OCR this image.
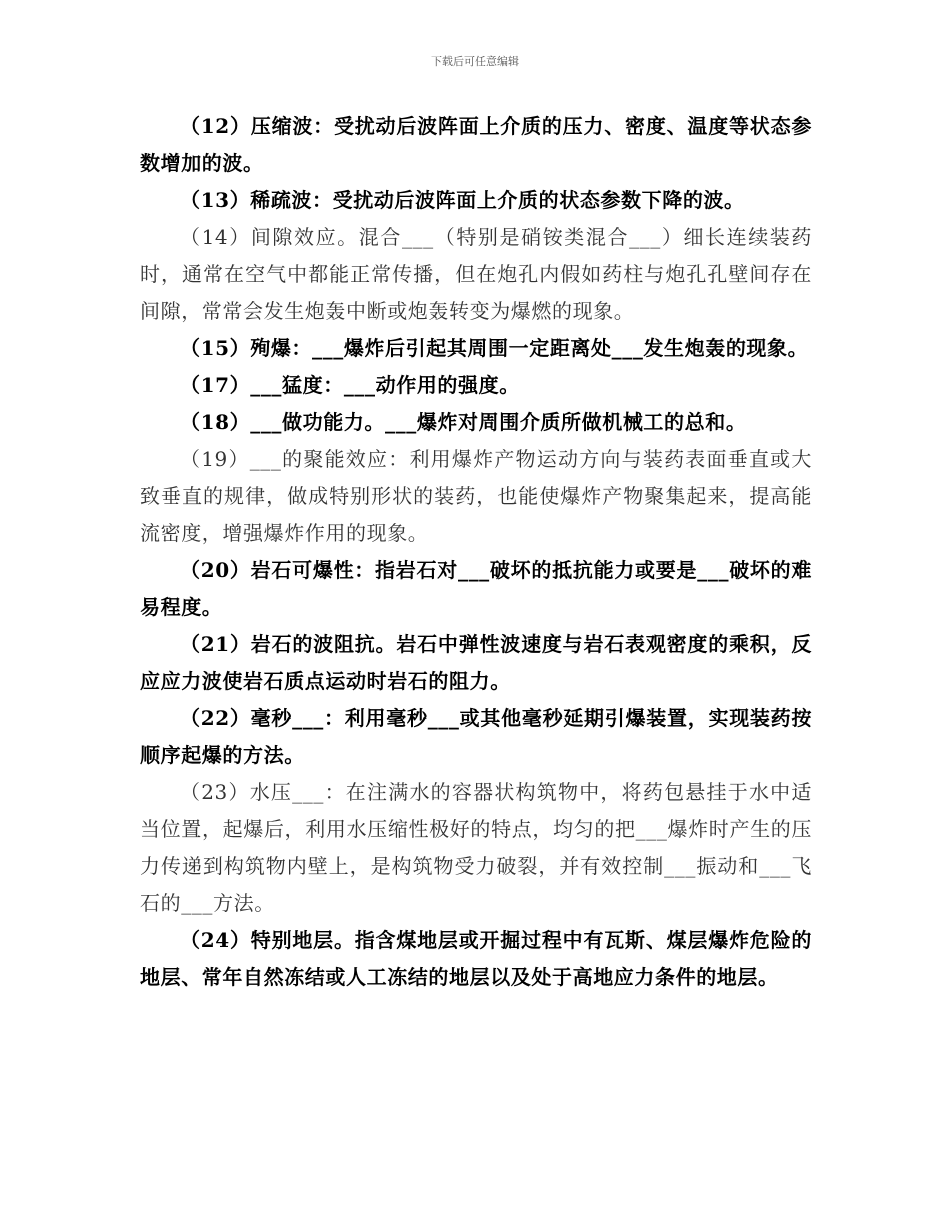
下载后可任意编辑

（12）压缩波：受扰动后波阵面上介质的压力、密度、温度等状态参数增加的波。

（13）稀疏波：受扰动后波阵面上介质的状态参数下降的波。

（14）间隙效应。混合___（特别是硝铵类混合___）细长连续装药时，通常在空气中都能正常传播，但在炮孔内假如药柱与炮孔孔壁间存在间隙，常常会发生炮轰中断或炮轰转变为爆燃的现象。

（15）殉爆：___爆炸后引起其周围一定距离处___发生炮轰的现象。

（17）___猛度：___动作用的强度。

（18）___做功能力。___爆炸对周围介质所做机械工的总和。

（19）___的聚能效应：利用爆炸产物运动方向与装药表面垂直或大致垂直的规律，做成特别形状的装药，也能使爆炸产物聚集起来，提高能流密度，增强爆炸作用的现象。

（20）岩石可爆性：指岩石对___破坏的抵抗能力或要是___破坏的难易程度。

（21）岩石的波阻抗。岩石中弹性波速度与岩石表观密度的乘积，反应应力波使岩石质点运动时岩石的阻力。

（22）毫秒___：利用毫秒___或其他毫秒延期引爆装置，实现装药按顺序起爆的方法。

（23）水压___：在注满水的容器状构筑物中，将药包悬挂于水中适当位置，起爆后，利用水压缩性极好的特点，均匀的把___爆炸时产生的压力传递到构筑物内壁上，是构筑物受力破裂，并有效控制___振动和___飞石的___方法。

（24）特别地层。指含煤地层或开掘过程中有瓦斯、煤层爆炸危险的地层、常年自然冻结或人工冻结的地层以及处于高地应力条件的地层。
